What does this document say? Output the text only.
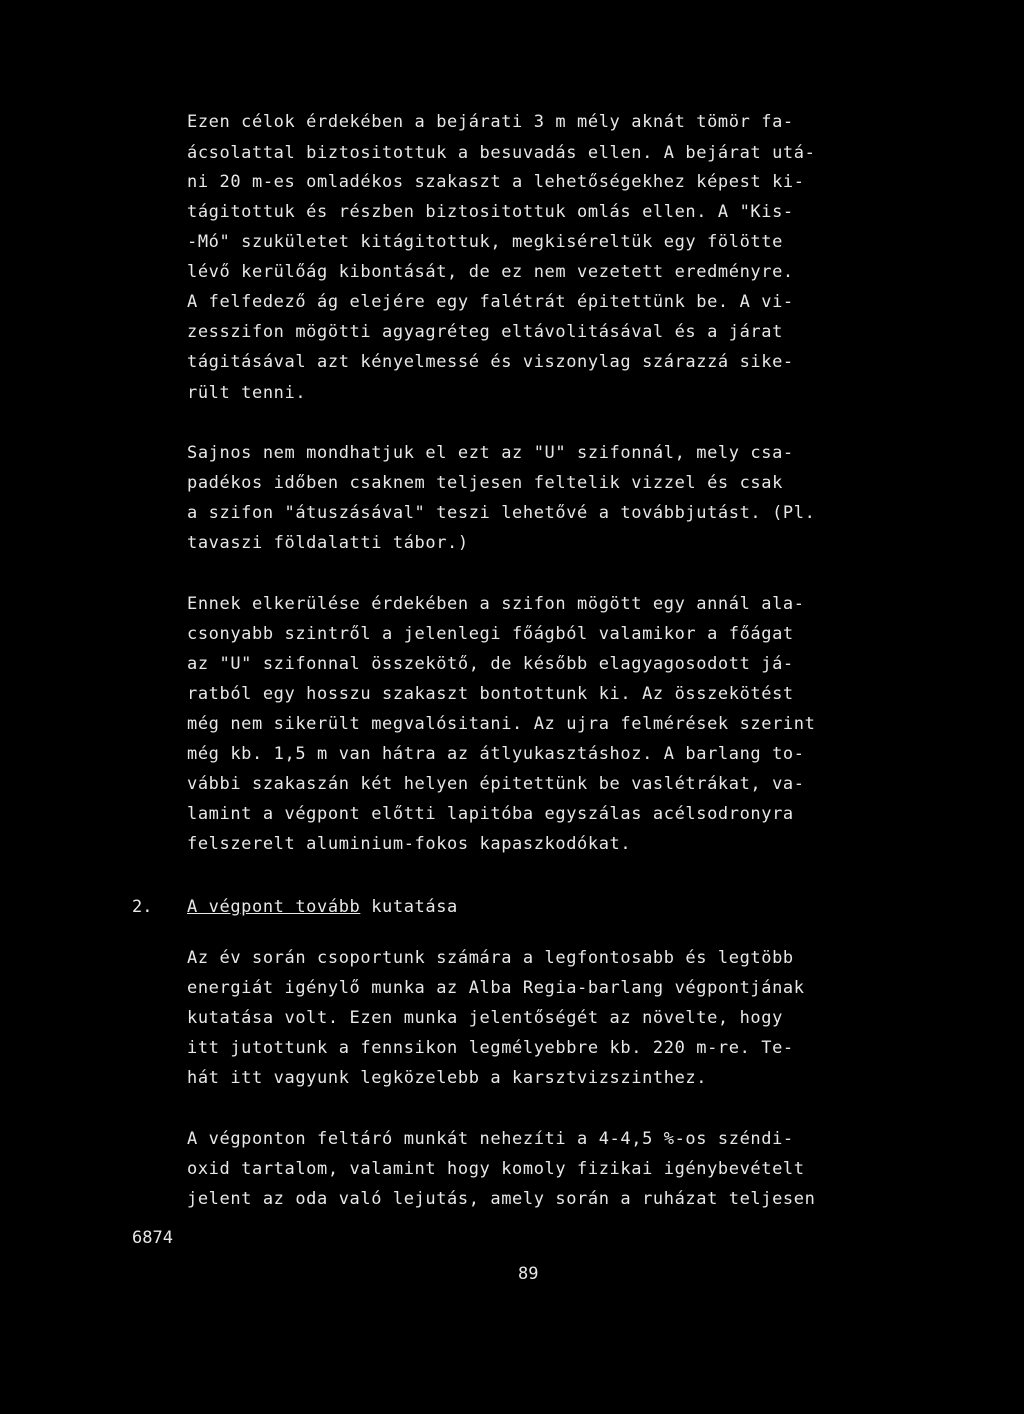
Ezen célok érdekében a bejárati 3 m mély aknát tömör fa-
ácsolattal biztositottuk a besuvadás ellen. A bejárat utá-
ni 20 m-es omladékos szakaszt a lehetőségekhez képest ki-
tágitottuk és részben biztositottuk omlás ellen. A "Kis-
-Mó" szukületet kitágitottuk, megkiséreltük egy fölötte
lévő kerülőág kibontását, de ez nem vezetett eredményre.
A felfedező ág elejére egy falétrát épitettünk be. A vi-
zesszifon mögötti agyagréteg eltávolitásával és a járat
tágitásával azt kényelmessé és viszonylag szárazzá sike-
rült tenni.
Sajnos nem mondhatjuk el ezt az "U" szifonnál, mely csa-
padékos időben csaknem teljesen feltelik vizzel és csak
a szifon "átuszásával" teszi lehetővé a továbbjutást. (Pl.
tavaszi földalatti tábor.)
Ennek elkerülése érdekében a szifon mögött egy annál ala-
csonyabb szintről a jelenlegi főágból valamikor a főágat
az "U" szifonnal összekötő, de később elagyagosodott já-
ratból egy hosszu szakaszt bontottunk ki. Az összekötést
még nem sikerült megvalósitani. Az ujra felmérések szerint
még kb. 1,5 m van hátra az átlyukasztáshoz. A barlang to-
vábbi szakaszán két helyen épitettünk be vaslétrákat, va-
lamint a végpont előtti lapitóba egyszálas acélsodronyra
felszerelt aluminium-fokos kapaszkodókat.
2. A végpont tovább kutatása
Az év során csoportunk számára a legfontosabb és legtöbb
energiát igénylő munka az Alba Regia-barlang végpontjának
kutatása volt. Ezen munka jelentőségét az növelte, hogy
itt jutottunk a fennsikon legmélyebbre kb. 220 m-re. Te-
hát itt vagyunk legközelebb a karsztvizszinthez.
A végponton feltáró munkát nehezíti a 4-4,5 %-os széndi-
oxid tartalom, valamint hogy komoly fizikai igénybevételt
jelent az oda való lejutás, amely során a ruházat teljesen
6874
89
